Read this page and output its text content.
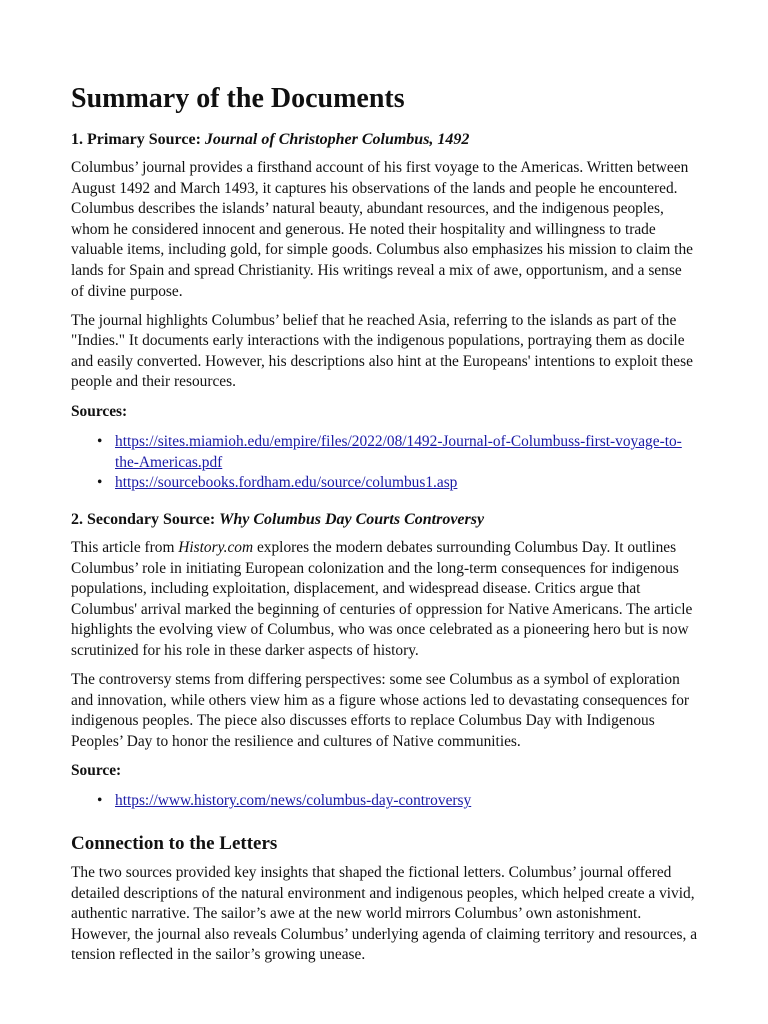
Summary of the Documents
1. Primary Source: Journal of Christopher Columbus, 1492

Columbus’ journal provides a firsthand account of his first voyage to the Americas. Written between August 1492 and March 1493, it captures his observations of the lands and people he encountered. Columbus describes the islands’ natural beauty, abundant resources, and the indigenous peoples, whom he considered innocent and generous. He noted their hospitality and willingness to trade valuable items, including gold, for simple goods. Columbus also emphasizes his mission to claim the lands for Spain and spread Christianity. His writings reveal a mix of awe, opportunism, and a sense of divine purpose.

The journal highlights Columbus’ belief that he reached Asia, referring to the islands as part of the "Indies." It documents early interactions with the indigenous populations, portraying them as docile and easily converted. However, his descriptions also hint at the Europeans' intentions to exploit these people and their resources.

Sources:
• https://sites.miamioh.edu/empire/files/2022/08/1492-Journal-of-Columbuss-first-voyage-to-the-Americas.pdf
• https://sourcebooks.fordham.edu/source/columbus1.asp
2. Secondary Source: Why Columbus Day Courts Controversy

This article from History.com explores the modern debates surrounding Columbus Day. It outlines Columbus’ role in initiating European colonization and the long-term consequences for indigenous populations, including exploitation, displacement, and widespread disease. Critics argue that Columbus' arrival marked the beginning of centuries of oppression for Native Americans. The article highlights the evolving view of Columbus, who was once celebrated as a pioneering hero but is now scrutinized for his role in these darker aspects of history.

The controversy stems from differing perspectives: some see Columbus as a symbol of exploration and innovation, while others view him as a figure whose actions led to devastating consequences for indigenous peoples. The piece also discusses efforts to replace Columbus Day with Indigenous Peoples’ Day to honor the resilience and cultures of Native communities.

Source:
• https://www.history.com/news/columbus-day-controversy
Connection to the Letters

The two sources provided key insights that shaped the fictional letters. Columbus’ journal offered detailed descriptions of the natural environment and indigenous peoples, which helped create a vivid, authentic narrative. The sailor’s awe at the new world mirrors Columbus’ own astonishment. However, the journal also reveals Columbus’ underlying agenda of claiming territory and resources, a tension reflected in the sailor’s growing unease.
